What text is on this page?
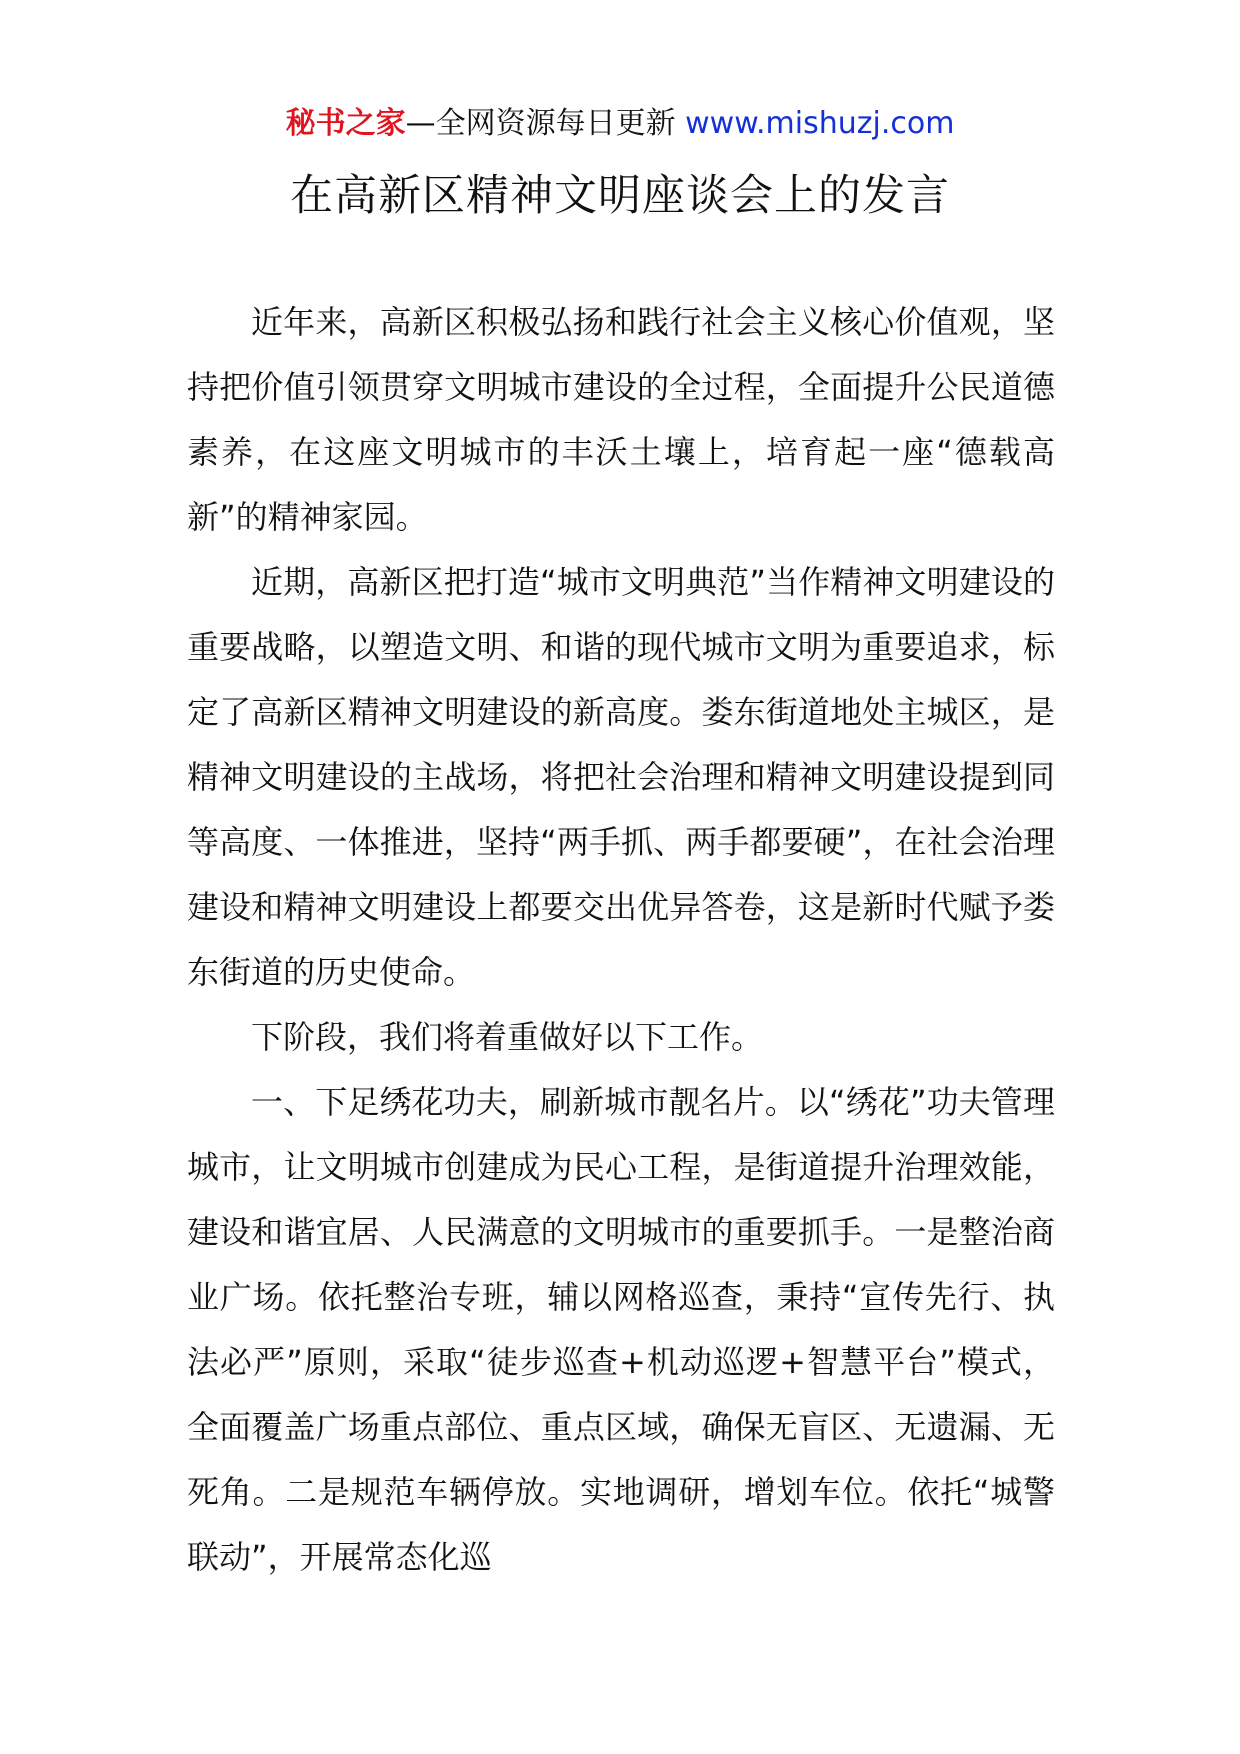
秘书之家—全网资源每日更新 www.mishuzj.com
在高新区精神文明座谈会上的发言

近年来，高新区积极弘扬和践行社会主义核心价值观，坚持把价值引领贯穿文明城市建设的全过程，全面提升公民道德素养，在这座文明城市的丰沃土壤上，培育起一座“德载高新”的精神家园。

近期，高新区把打造“城市文明典范”当作精神文明建设的重要战略，以塑造文明、和谐的现代城市文明为重要追求，标定了高新区精神文明建设的新高度。娄东街道地处主城区，是精神文明建设的主战场，将把社会治理和精神文明建设提到同等高度、一体推进，坚持“两手抓、两手都要硬”，在社会治理建设和精神文明建设上都要交出优异答卷，这是新时代赋予娄东街道的历史使命。

下阶段，我们将着重做好以下工作。

一、下足绣花功夫，刷新城市靓名片。以“绣花”功夫管理城市，让文明城市创建成为民心工程，是街道提升治理效能，建设和谐宜居、人民满意的文明城市的重要抓手。一是整治商业广场。依托整治专班，辅以网格巡查，秉持“宣传先行、执法必严”原则，采取“徒步巡查+机动巡逻+智慧平台”模式，全面覆盖广场重点部位、重点区域，确保无盲区、无遗漏、无死角。二是规范车辆停放。实地调研，增划车位。依托“城警联动”，开展常态化巡
